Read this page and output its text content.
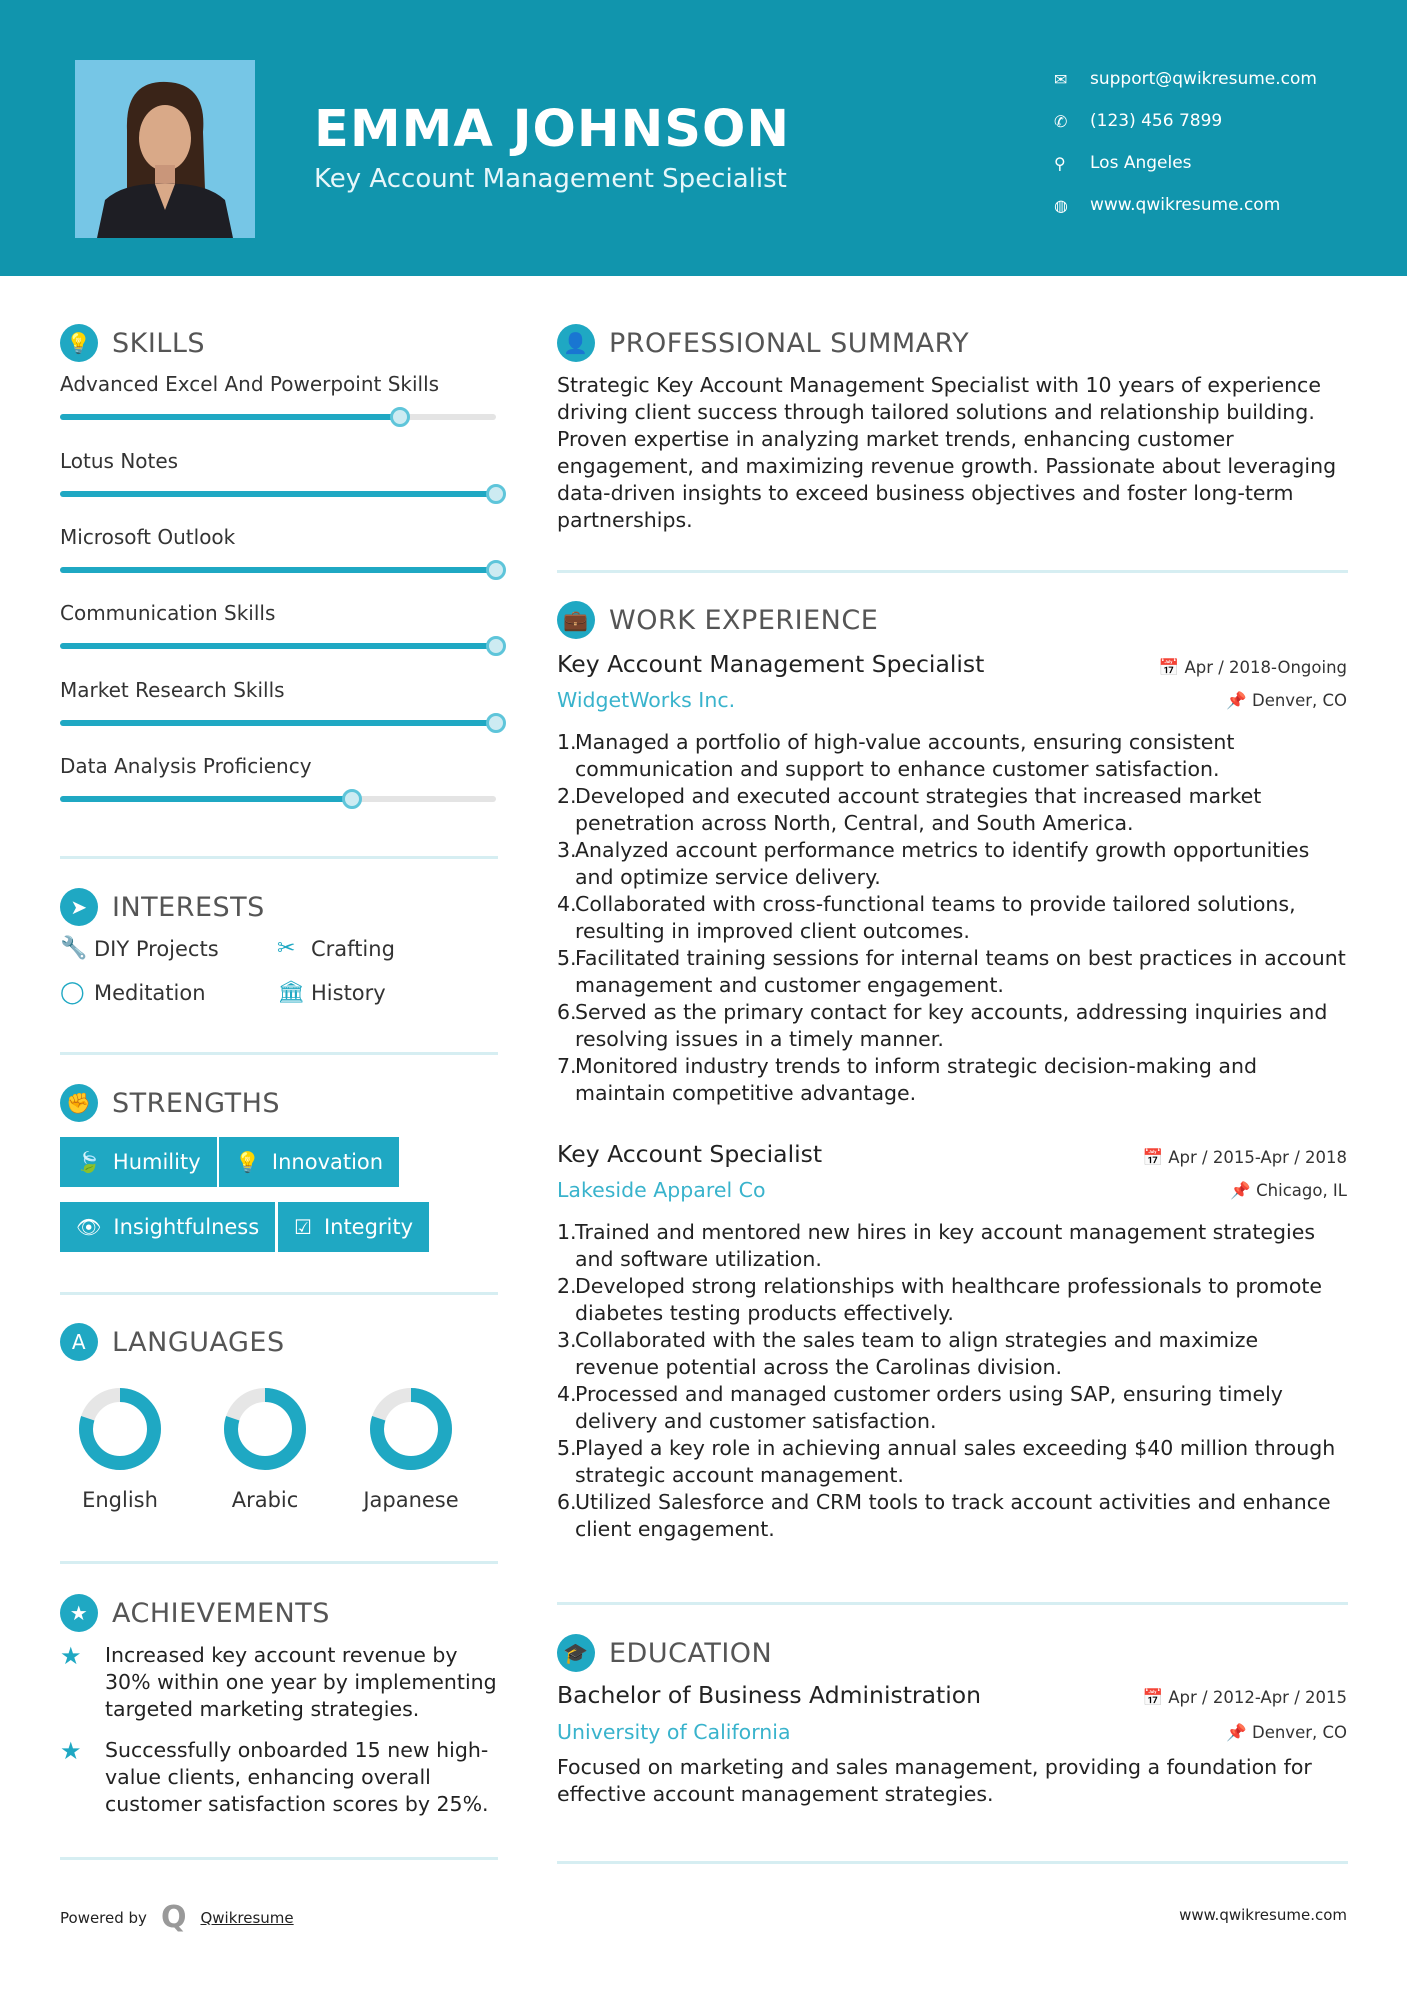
EMMA JOHNSON
Key Account Management Specialist
✉	support@qwikresume.com
✆	(123) 456 7899
⚲	Los Angeles
◍	www.qwikresume.com
💡 SKILLS
Advanced Excel And Powerpoint Skills
Lotus Notes
Microsoft Outlook
Communication Skills
Market Research Skills
Data Analysis Proficiency
➤ INTERESTS
🔧 DIY Projects	✂ Crafting
◯ Meditation	🏛 History
✊ STRENGTHS
🍃 Humility 💡 Innovation
👁 Insightfulness ☑ Integrity
A LANGUAGES
English	Arabic	Japanese
★ ACHIEVEMENTS
★	Increased key account revenue by 30% within one year by implementing targeted marketing strategies.
★	Successfully onboarded 15 new high-value clients, enhancing overall customer satisfaction scores by 25%.
👤 PROFESSIONAL SUMMARY
Strategic Key Account Management Specialist with 10 years of experience driving client success through tailored solutions and relationship building. Proven expertise in analyzing market trends, enhancing customer engagement, and maximizing revenue growth. Passionate about leveraging data-driven insights to exceed business objectives and foster long-term partnerships.
💼 WORK EXPERIENCE
Key Account Management Specialist	📅 Apr / 2018-Ongoing
WidgetWorks Inc.	📌 Denver, CO
1.Managed a portfolio of high-value accounts, ensuring consistent communication and support to enhance customer satisfaction.
2.Developed and executed account strategies that increased market penetration across North, Central, and South America.
3.Analyzed account performance metrics to identify growth opportunities and optimize service delivery.
4.Collaborated with cross-functional teams to provide tailored solutions, resulting in improved client outcomes.
5.Facilitated training sessions for internal teams on best practices in account management and customer engagement.
6.Served as the primary contact for key accounts, addressing inquiries and resolving issues in a timely manner.
7.Monitored industry trends to inform strategic decision-making and maintain competitive advantage.
Key Account Specialist	📅 Apr / 2015-Apr / 2018
Lakeside Apparel Co	📌 Chicago, IL
1.Trained and mentored new hires in key account management strategies and software utilization.
2.Developed strong relationships with healthcare professionals to promote diabetes testing products effectively.
3.Collaborated with the sales team to align strategies and maximize revenue potential across the Carolinas division.
4.Processed and managed customer orders using SAP, ensuring timely delivery and customer satisfaction.
5.Played a key role in achieving annual sales exceeding $40 million through strategic account management.
6.Utilized Salesforce and CRM tools to track account activities and enhance client engagement.
🎓 EDUCATION
Bachelor of Business Administration	📅 Apr / 2012-Apr / 2015
University of California	📌 Denver, CO
Focused on marketing and sales management, providing a foundation for effective account management strategies.
Powered by Q Qwikresume	www.qwikresume.com
